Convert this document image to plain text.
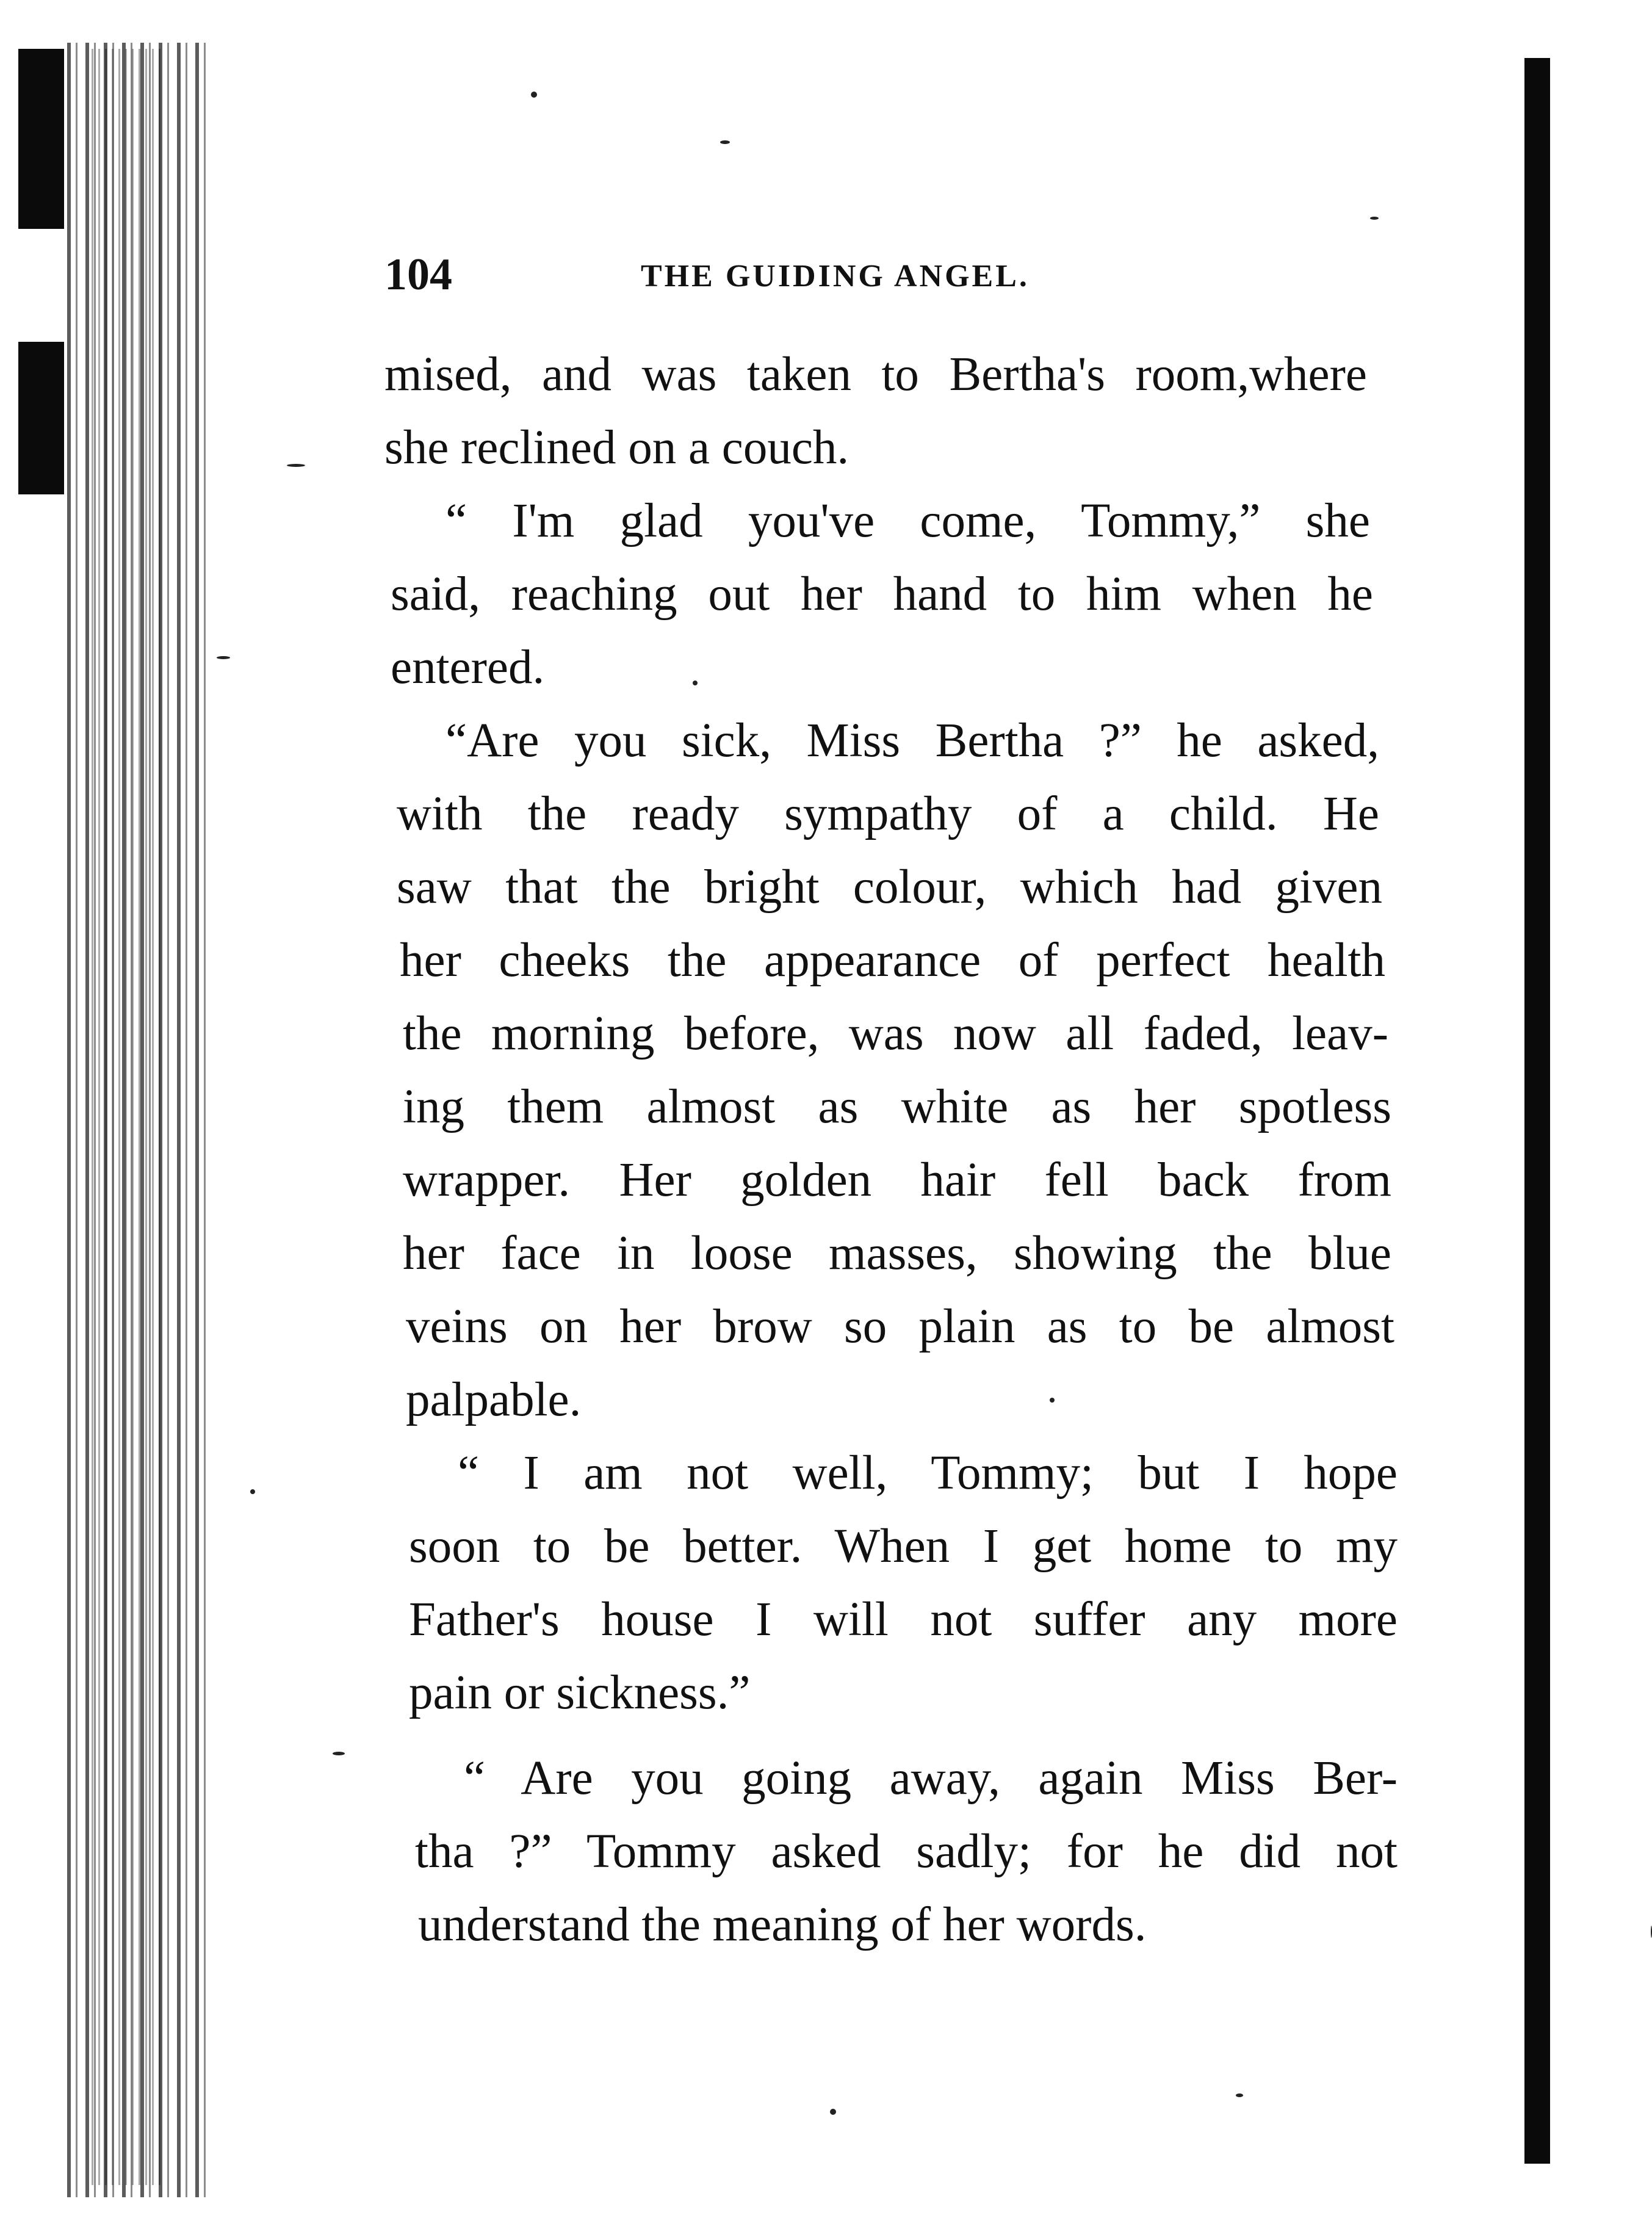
104	THE GUIDING ANGEL.
mised, and was taken to Bertha's room,where
she reclined on a couch.
“ I'm glad you've come, Tommy,” she
said, reaching out her hand to him when he
entered.
“Are you sick, Miss Bertha ?” he asked,
with the ready sympathy of a child. He
saw that the bright colour, which had given
her cheeks the appearance of perfect health
the morning before, was now all faded, leav-
ing them almost as white as her spotless
wrapper. Her golden hair fell back from
her face in loose masses, showing the blue
veins on her brow so plain as to be almost
palpable.
“ I am not well, Tommy; but I hope
soon to be better. When I get home to my
Father's house I will not suffer any more
pain or sickness.”
“ Are you going away, again Miss Ber-
tha ?” Tommy asked sadly; for he did not
understand the meaning of her words.
